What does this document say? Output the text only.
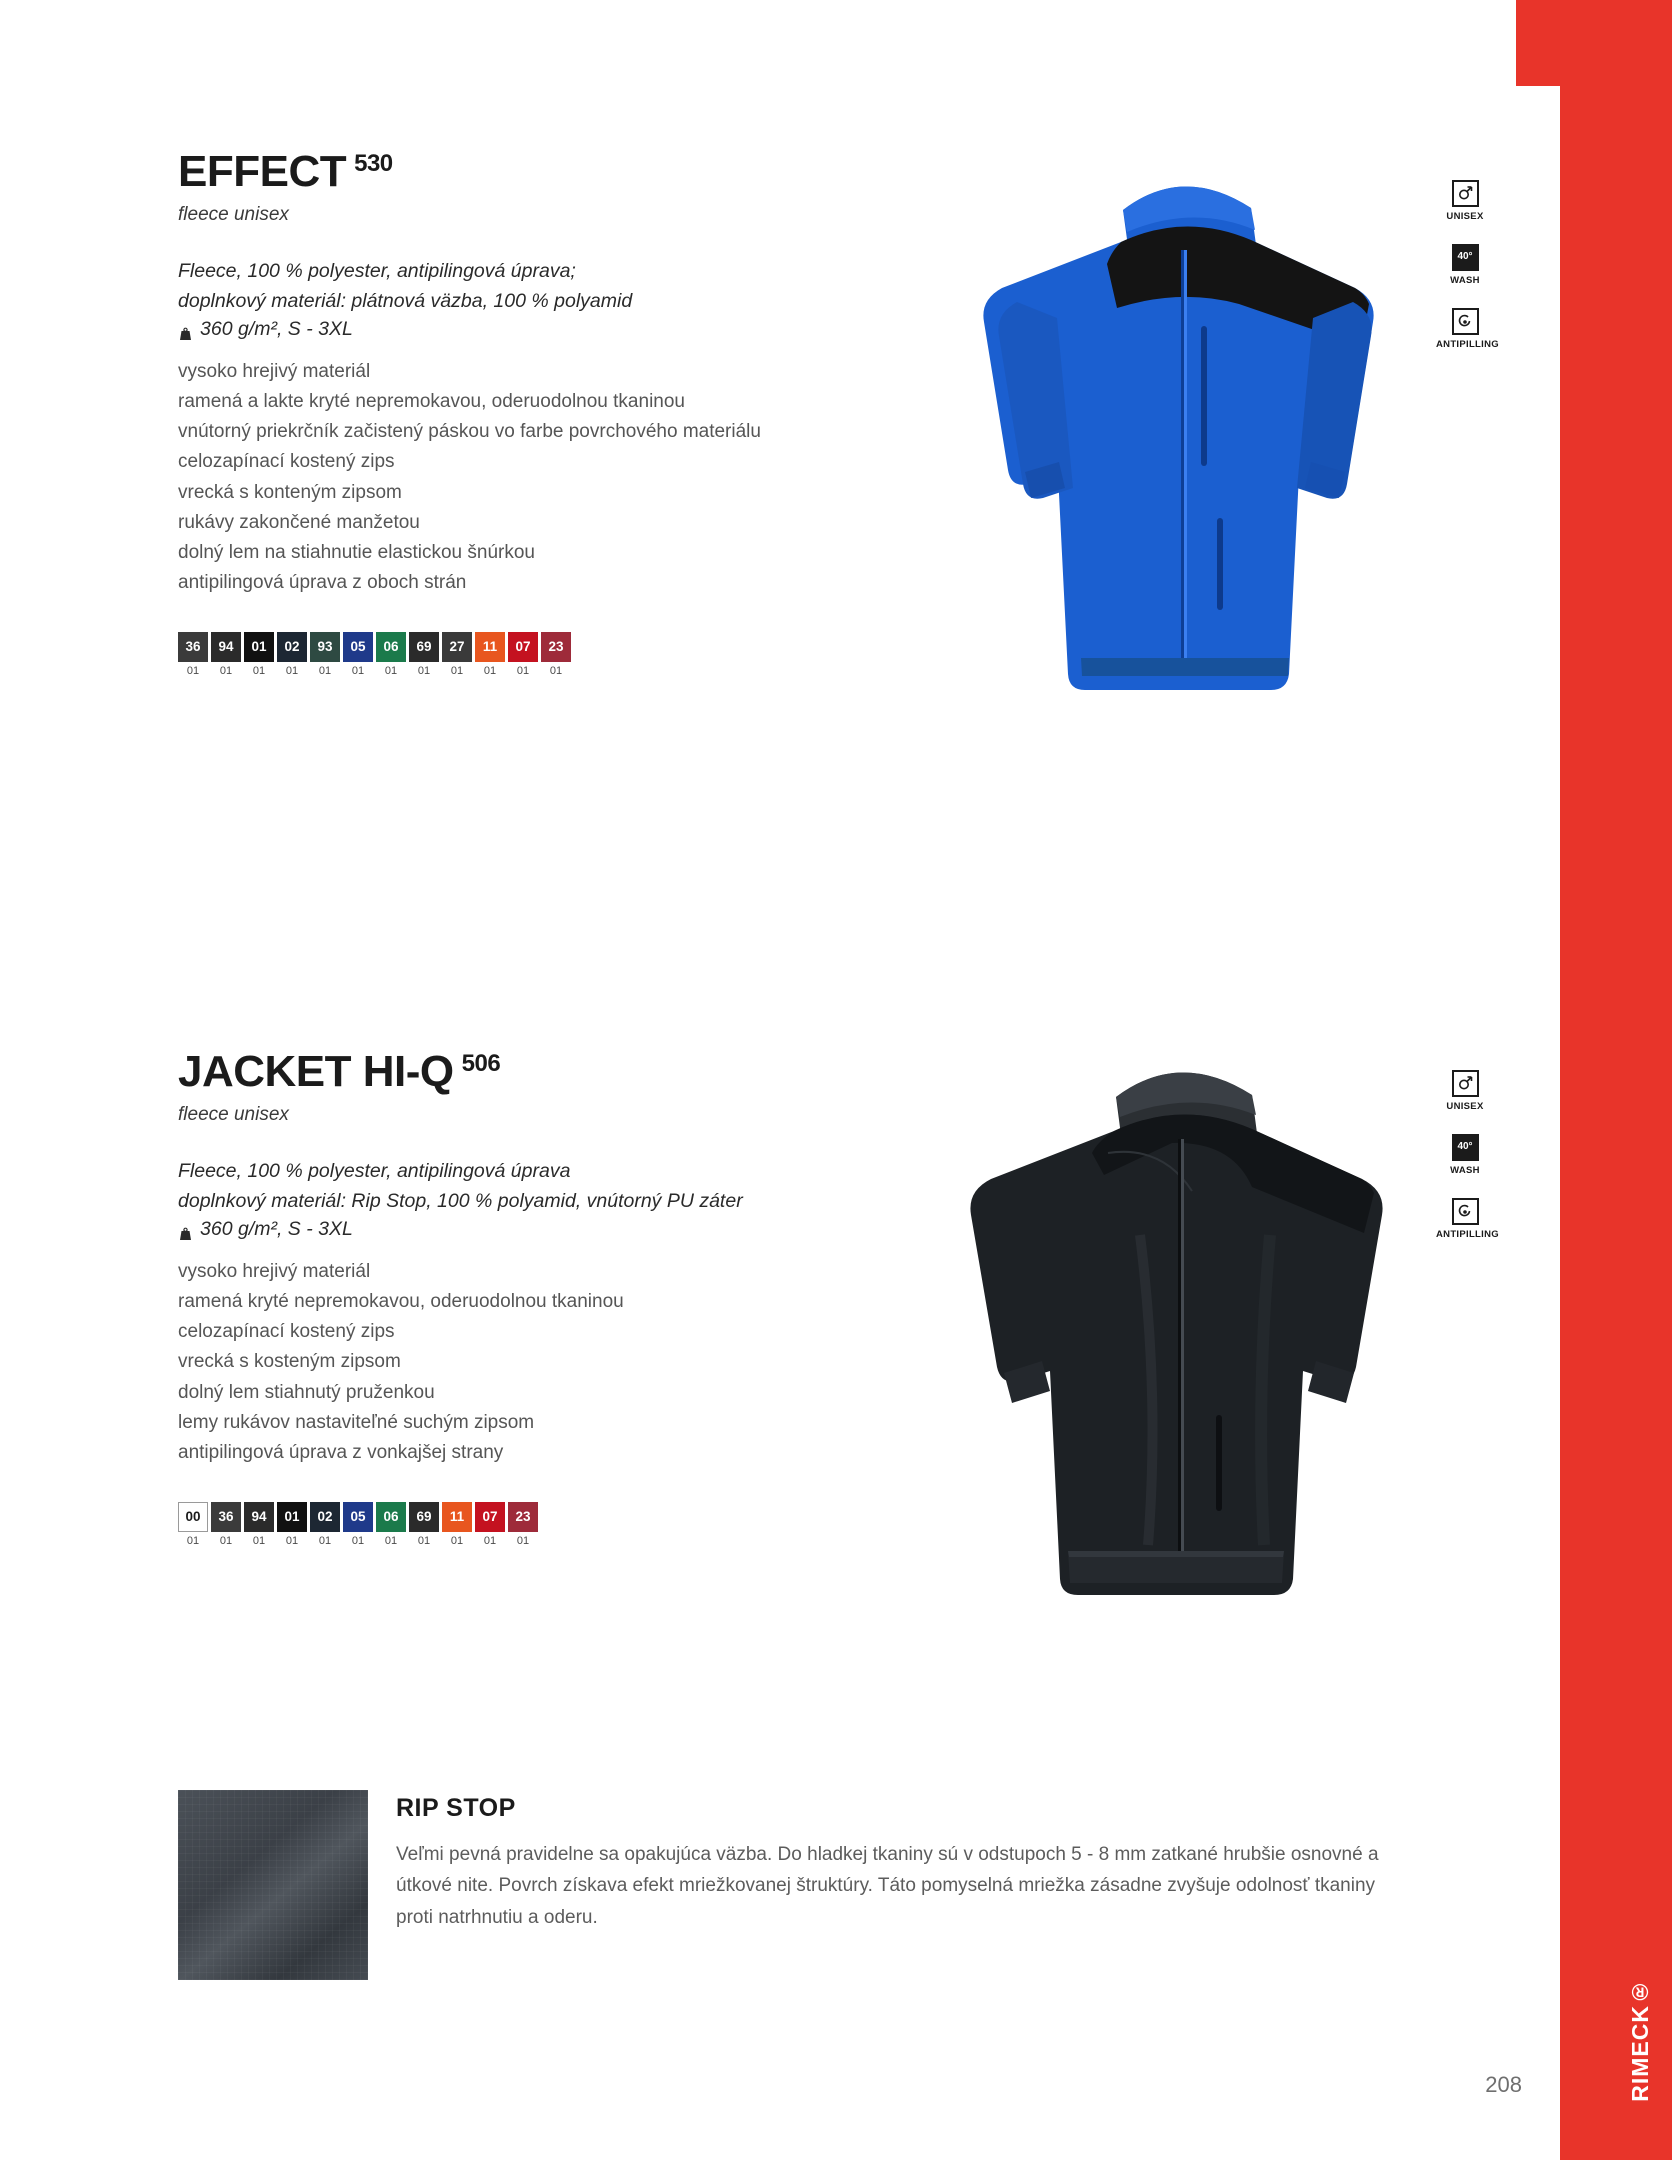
RIMECK®
208
EFFECT 530
fleece unisex
Fleece, 100 % polyester, antipilingová úprava;
doplnkový materiál: plátnová väzba, 100 % polyamid
360 g/m², S - 3XL
vysoko hrejivý materiál
ramená a lakte kryté nepremokavou, oderuodolnou tkaninou
vnútorný priekrčník začistený páskou vo farbe povrchového materiálu
celozapínací kostený zips
vrecká s konteným zipsom
rukávy zakončené manžetou
dolný lem na stiahnutie elastickou šnúrkou
antipilingová úprava z oboch strán
36
01
94
01
01
01
02
01
93
01
05
01
06
01
69
01
27
01
11
01
07
01
23
01
UNISEX
40°
WASH
ANTIPILLING
JACKET HI-Q 506
fleece unisex
Fleece, 100 % polyester, antipilingová úprava
doplnkový materiál: Rip Stop, 100 % polyamid, vnútorný PU záter
360 g/m², S - 3XL
vysoko hrejivý materiál
ramená kryté nepremokavou, oderuodolnou tkaninou
celozapínací kostený zips
vrecká s kosteným zipsom
dolný lem stiahnutý pruženkou
lemy rukávov nastaviteľné suchým zipsom
antipilingová úprava z vonkajšej strany
00
01
36
01
94
01
01
01
02
01
05
01
06
01
69
01
11
01
07
01
23
01
UNISEX
40°
WASH
ANTIPILLING
RIP STOP
Veľmi pevná pravidelne sa opakujúca väzba. Do hladkej tkaniny sú v odstupoch 5 - 8 mm zatkané hrubšie osnovné a útkové nite. Povrch získava efekt mriežkovanej štruktúry. Táto pomyselná mriežka zásadne zvyšuje odolnosť tkaniny proti natrhnutiu a oderu.
